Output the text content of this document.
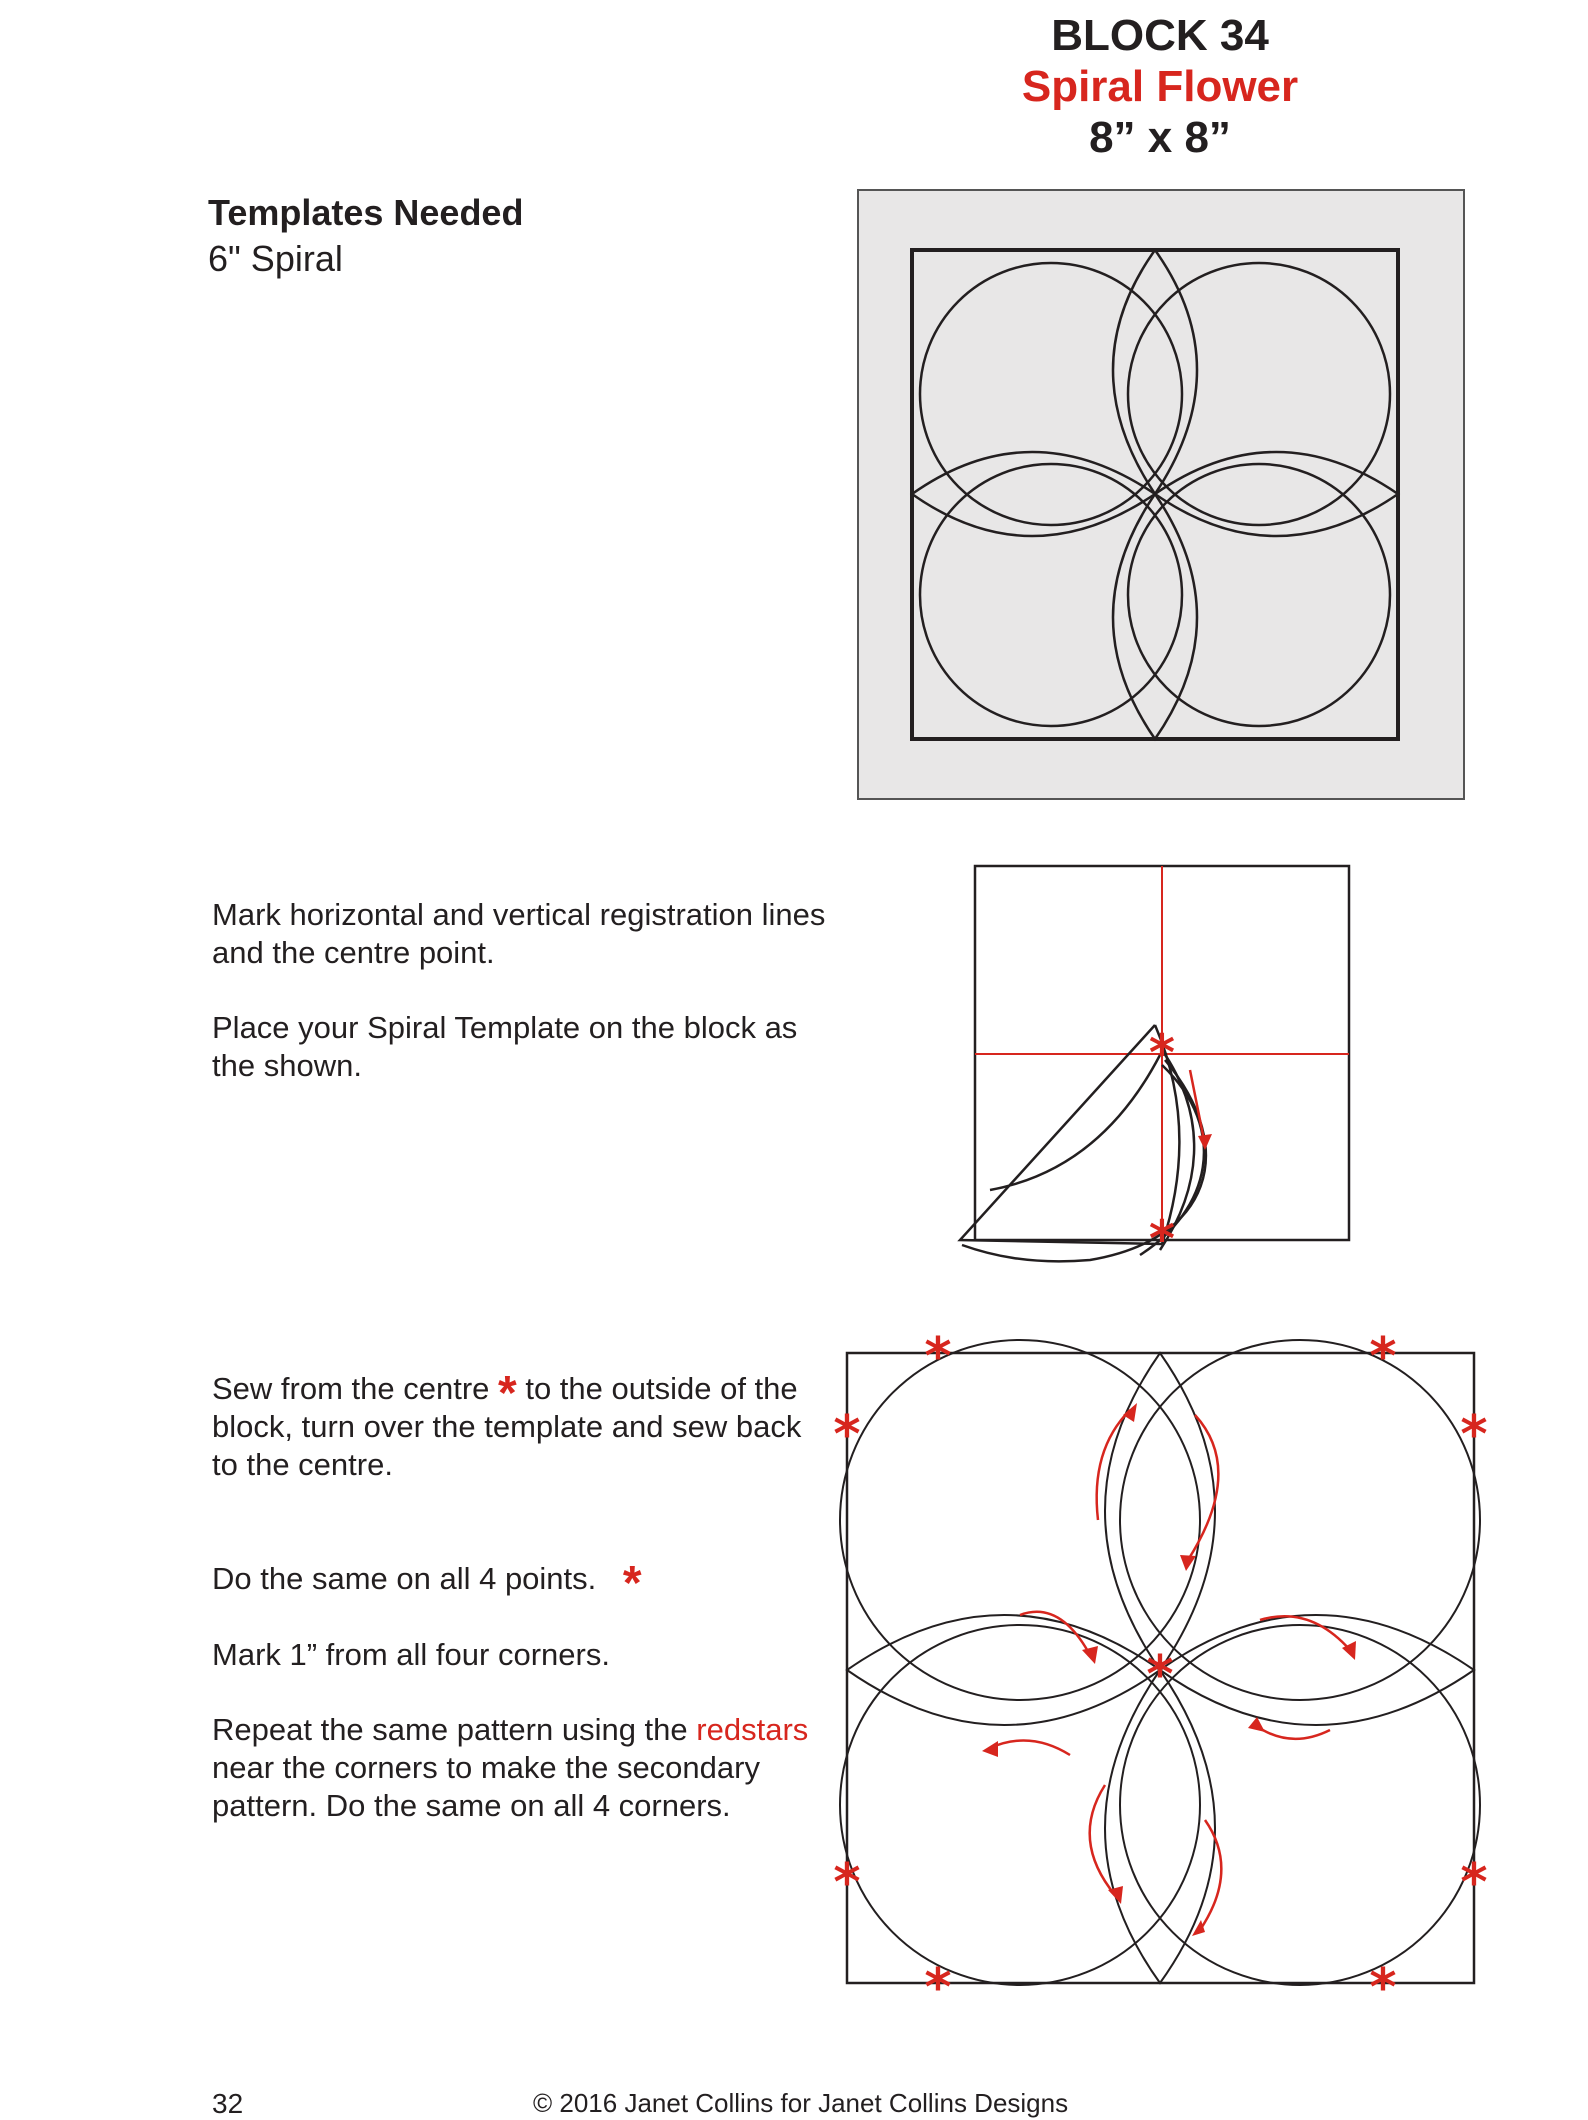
BLOCK 34
Spiral Flower
8” x 8”
Templates Needed
6" Spiral
Mark horizontal and vertical registration lines and the centre point.
Place your Spiral Template on the block as the shown.	*
*
Sew from the centre * to the outside of the block, turn over the template and sew back to the centre.
Do the same on all 4 points. *
Mark 1” from all four corners.
Repeat the same pattern using the redstars near the corners to make the secondary pattern. Do the same on all 4 corners.
*
*	*
*	*
*	*
*	*
32	© 2016 Janet Collins for Janet Collins Designs
